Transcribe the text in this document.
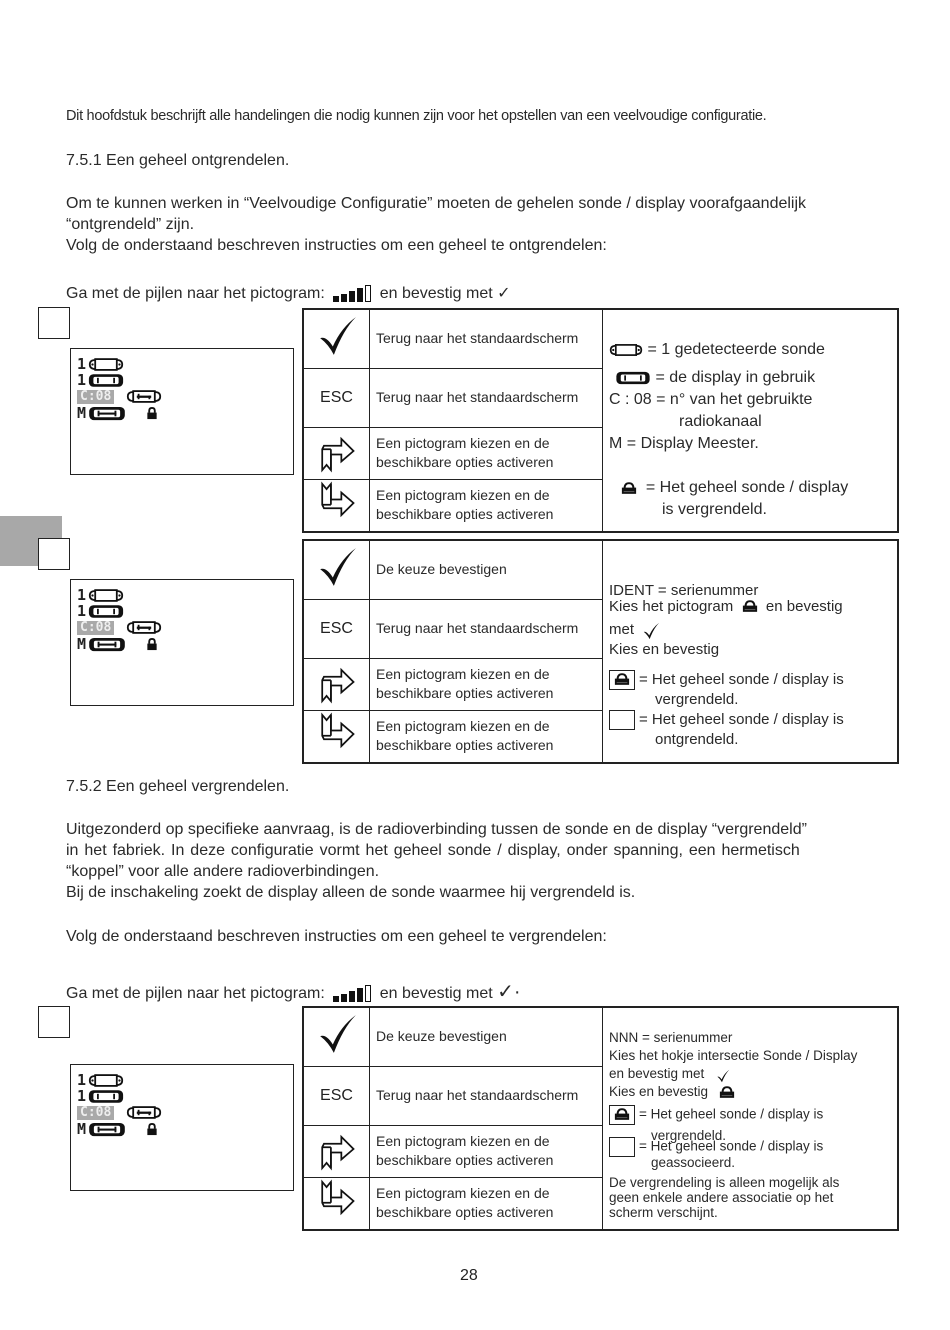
Dit hoofdstuk beschrijft alle handelingen die nodig kunnen zijn voor het opstellen van een veelvoudige configuratie.
7.5.1 Een geheel ontgrendelen.
Om te kunnen werken in “Veelvoudige Configuratie” moeten de gehelen sonde / display voorafgaandelijk
“ontgrendeld” zijn.
Volg de onderstaand beschreven instructies om een geheel te ontgrendelen:
Ga met de pijlen naar het pictogram:	en bevestig met ✓
1
1
C:08
M
	Terug naar het standaardscherm	
= 1 gedetecteerde sonde
= de display in gebruik
C : 08 = n° van het gebruikte
radiokanaal
M = Display Meester.
= Het geheel sonde / display
is vergrendeld.

ESC	Terug naar het standaardscherm	
	Een pictogram kiezen en de beschikbare opties activeren	
	Een pictogram kiezen en de beschikbare opties activeren	
1
1
C:08
M
	De keuze bevestigen	
IDENT = serienummer
Kies het pictogram en bevestig
met
Kies en bevestig
= Het geheel sonde / display is
vergrendeld.
= Het geheel sonde / display is
ontgrendeld.

ESC	Terug naar het standaardscherm	
	Een pictogram kiezen en de beschikbare opties activeren	
	Een pictogram kiezen en de beschikbare opties activeren	
7.5.2 Een geheel vergrendelen.
Uitgezonderd op specifieke aanvraag, is de radioverbinding tussen de sonde en de display “vergrendeld”
in het fabriek. In deze configuratie vormt het geheel sonde / display, onder spanning, een hermetisch
“koppel” voor alle andere radioverbindingen.
Bij de inschakeling zoekt de display alleen de sonde waarmee hij vergrendeld is.
Volg de onderstaand beschreven instructies om een geheel te vergrendelen:
Ga met de pijlen naar het pictogram:	en bevestig met ✓·
1
1
C:08
M
	De keuze bevestigen	NNN = serienummer
Kies het hokje intersectie Sonde / Display
en bevestig met
Kies en bevestig
= Het geheel sonde / display is
vergrendeld.
= Het geheel sonde / display is
geassocieerd.
De vergrendeling is alleen mogelijk als
geen enkele andere associatie op het
scherm verschijnt.

ESC	Terug naar het standaardscherm	
	Een pictogram kiezen en de beschikbare opties activeren	
	Een pictogram kiezen en de beschikbare opties activeren	
28
